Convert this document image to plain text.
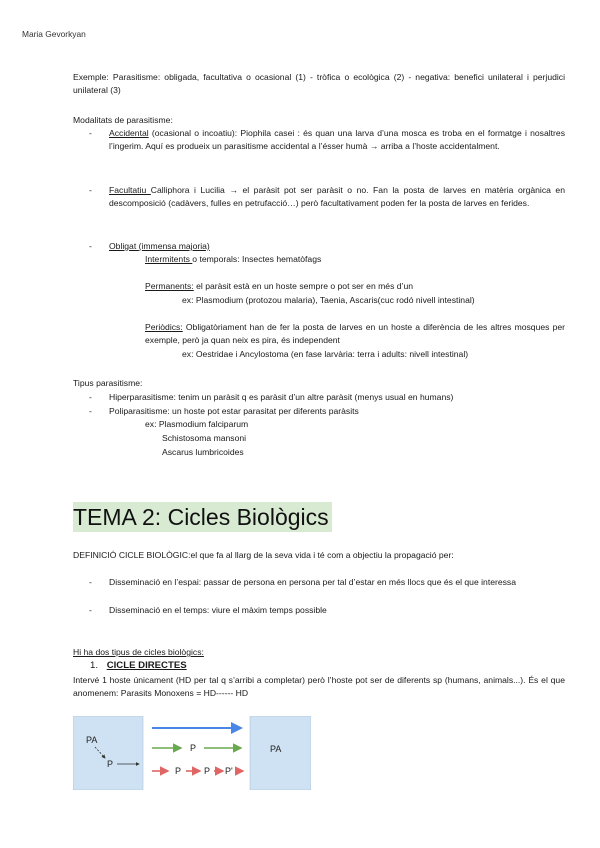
Maria Gevorkyan
Exemple: Parasitisme: obligada, facultativa o ocasional (1) - tròfica o ecològica (2) - negativa: benefici unilateral i perjudici unilateral (3)
Modalitats de parasitisme:
- Accidental (ocasional o incoatiu): Piophila casei : és quan una larva d’una mosca es troba en el formatge i nosaltres l’ingerim. Aquí es produeix un parasitisme accidental a l’ésser humà → arriba a l’hoste accidentalment.
- Facultatiu Calliphora i Lucilia → el paràsit pot ser paràsit o no. Fan la posta de larves en matèria orgànica en descomposició (cadàvers, fulles en petrufacció…) però facultativament poden fer la posta de larves en ferides.
- Obligat (immensa majoria)
Intermitents o temporals: Insectes hematòfags
Permanents: el paràsit està en un hoste sempre o pot ser en més d’un
ex: Plasmodium (protozou malaria), Taenia, Ascaris(cuc rodó nivell intestinal)
Periòdics: Obligatòriament han de fer la posta de larves en un hoste a diferència de les altres mosques per exemple, però ja quan neix es pira, és independent
ex: Oestridae i Ancylostoma (en fase larvària: terra i adults: nivell intestinal)
Tipus parasitisme:
- Hiperparasitisme: tenim un paràsit q es paràsit d’un altre paràsit (menys usual en humans)
- Poliparasitisme: un hoste pot estar parasitat per diferents paràsits
ex: Plasmodium falciparum
Schistosoma mansoni
Ascarus lumbricoides
TEMA 2: Cicles Biològics
DEFINICIÓ CICLE BIOLÒGIC:el que fa al llarg de la seva vida i té com a objectiu la propagació per:
- Disseminació en l’espai: passar de persona en persona per tal d’estar en més llocs que és el que interessa
- Disseminació en el temps: viure el màxim temps possible
Hi ha dos tipus de cicles biològics:
1. CICLE DIRECTES
Intervé 1 hoste únicament (HD per tal q s’arribi a completar) però l’hoste pot ser de diferents sp (humans, animals...). És el que anomenem: Parasits Monoxens = HD------ HD
PA
P
P
P	P P'
PA
